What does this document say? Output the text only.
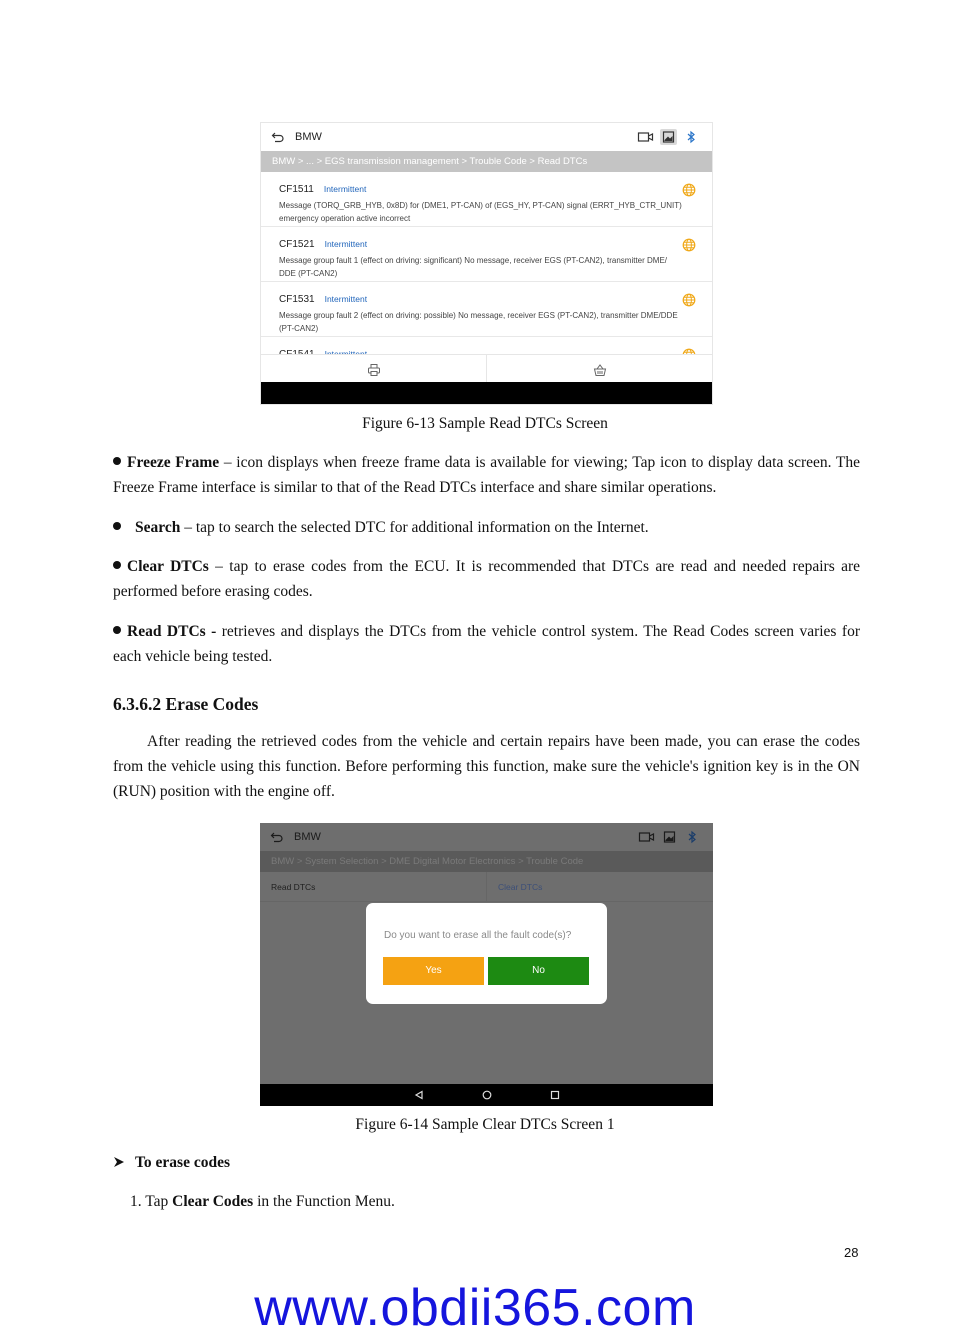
BMW
BMW > ... > EGS transmission management > Trouble Code > Read DTCs
CF1511 Intermittent
Message (TORQ_GRB_HYB, 0x8D) for (DME1, PT-CAN) of (EGS_HY, PT-CAN) signal (ERRT_HYB_CTR_UNIT) emergency operation active incorrect
CF1521 Intermittent
Message group fault 1 (effect on driving: significant) No message, receiver EGS (PT-CAN2), transmitter DME/ DDE (PT-CAN2)
CF1531 Intermittent
Message group fault 2 (effect on driving: possible) No message, receiver EGS (PT-CAN2), transmitter DME/DDE (PT-CAN2)
Figure 6-13 Sample Read DTCs Screen
Freeze Frame – icon displays when freeze frame data is available for viewing; Tap icon to display data screen. The Freeze Frame interface is similar to that of the Read DTCs interface and share similar operations.
Search – tap to search the selected DTC for additional information on the Internet.
Clear DTCs – tap to erase codes from the ECU. It is recommended that DTCs are read and needed repairs are performed before erasing codes.
Read DTCs - retrieves and displays the DTCs from the vehicle control system. The Read Codes screen varies for each vehicle being tested.
6.3.6.2 Erase Codes
After reading the retrieved codes from the vehicle and certain repairs have been made, you can erase the codes from the vehicle using this function. Before performing this function, make sure the vehicle's ignition key is in the ON (RUN) position with the engine off.
BMW
BMW > System Selection > DME Digital Motor Electronics > Trouble Code
Read DTCs	Clear DTCs
Do you want to erase all the fault code(s)?
Yes	No
Figure 6-14 Sample Clear DTCs Screen 1
To erase codes
1. Tap Clear Codes in the Function Menu.
28
www.obdii365.com
